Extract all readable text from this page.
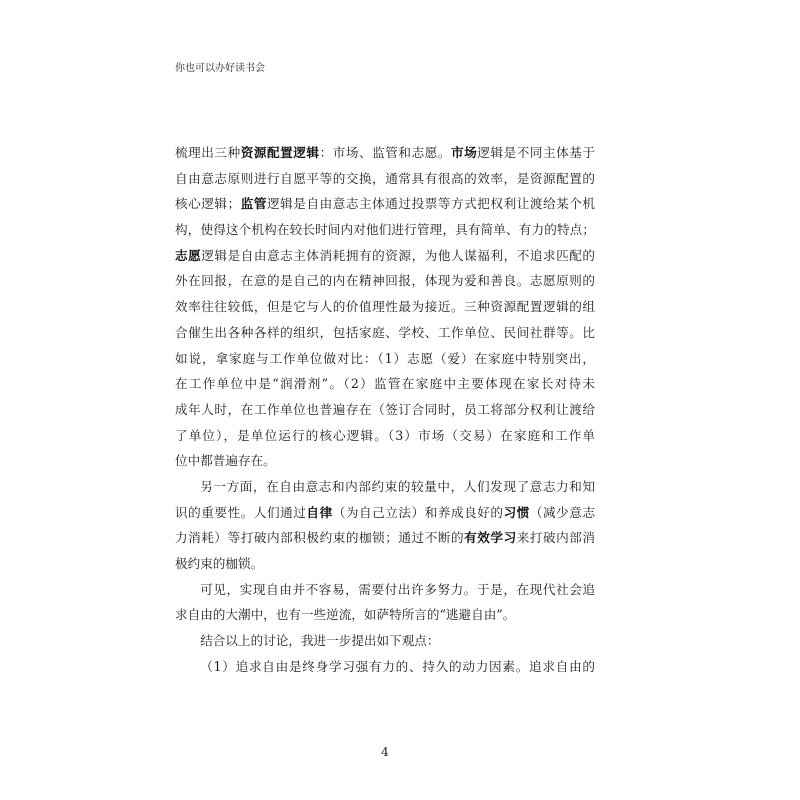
你也可以办好读书会
梳理出三种资源配置逻辑：市场、监管和志愿。市场逻辑是不同主体基于
自由意志原则进行自愿平等的交换，通常具有很高的效率，是资源配置的
核心逻辑；监管逻辑是自由意志主体通过投票等方式把权利让渡给某个机
构，使得这个机构在较长时间内对他们进行管理，具有简单、有力的特点；
志愿逻辑是自由意志主体消耗拥有的资源，为他人谋福利，不追求匹配的
外在回报，在意的是自己的内在精神回报，体现为爱和善良。志愿原则的
效率往往较低，但是它与人的价值理性最为接近。三种资源配置逻辑的组
合催生出各种各样的组织，包括家庭、学校、工作单位、民间社群等。比
如说，拿家庭与工作单位做对比：（1）志愿（爱）在家庭中特别突出，
在工作单位中是“润滑剂”。（2）监管在家庭中主要体现在家长对待未
成年人时，在工作单位也普遍存在（签订合同时，员工将部分权利让渡给
了单位），是单位运行的核心逻辑。（3）市场（交易）在家庭和工作单
位中都普遍存在。
另一方面，在自由意志和内部约束的较量中，人们发现了意志力和知
识的重要性。人们通过自律（为自己立法）和养成良好的习惯（减少意志
力消耗）等打破内部积极约束的枷锁；通过不断的有效学习来打破内部消
极约束的枷锁。
可见，实现自由并不容易，需要付出许多努力。于是，在现代社会追
求自由的大潮中，也有一些逆流，如萨特所言的“逃避自由”。
结合以上的讨论，我进一步提出如下观点：
（1）追求自由是终身学习强有力的、持久的动力因素。追求自由的
4
